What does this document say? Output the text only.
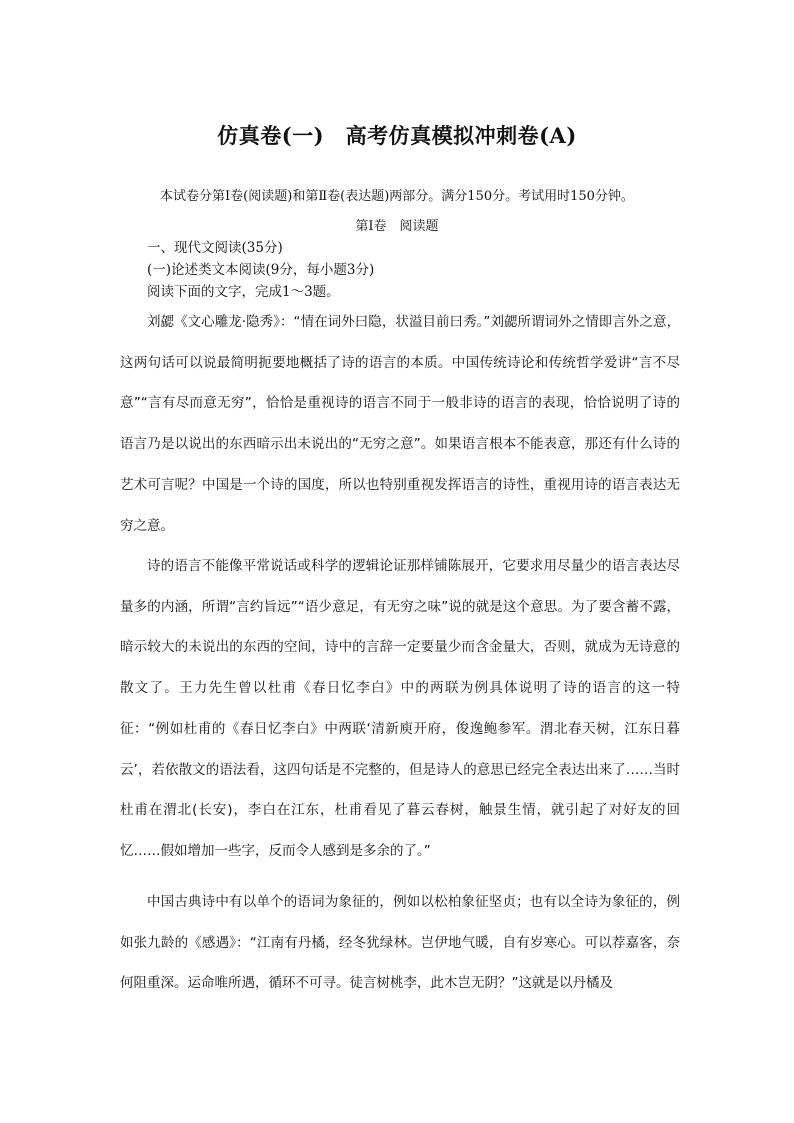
仿真卷(一)　高考仿真模拟冲刺卷(A)
本试卷分第Ⅰ卷(阅读题)和第Ⅱ卷(表达题)两部分。满分150分。考试用时150分钟。
第Ⅰ卷　阅读题
一、现代文阅读(35分)
(一)论述类文本阅读(9分，每小题3分)
阅读下面的文字，完成1～3题。

刘勰《文心雕龙·隐秀》：“情在词外曰隐，状溢目前曰秀。”刘勰所谓词外之情即言外之意，这两句话可以说最简明扼要地概括了诗的语言的本质。中国传统诗论和传统哲学爱讲“言不尽意”“言有尽而意无穷”，恰恰是重视诗的语言不同于一般非诗的语言的表现，恰恰说明了诗的语言乃是以说出的东西暗示出未说出的“无穷之意”。如果语言根本不能表意，那还有什么诗的艺术可言呢？中国是一个诗的国度，所以也特别重视发挥语言的诗性，重视用诗的语言表达无穷之意。

诗的语言不能像平常说话或科学的逻辑论证那样铺陈展开，它要求用尽量少的语言表达尽量多的内涵，所谓“言约旨远”“语少意足，有无穷之味”说的就是这个意思。为了要含蓄不露，暗示较大的未说出的东西的空间，诗中的言辞一定要量少而含金量大，否则，就成为无诗意的散文了。王力先生曾以杜甫《春日忆李白》中的两联为例具体说明了诗的语言的这一特征：“例如杜甫的《春日忆李白》中两联‘清新庾开府，俊逸鲍参军。渭北春天树，江东日暮云’，若依散文的语法看，这四句话是不完整的，但是诗人的意思已经完全表达出来了……当时杜甫在渭北(长安)，李白在江东，杜甫看见了暮云春树，触景生情，就引起了对好友的回忆……假如增加一些字，反而令人感到是多余的了。”

中国古典诗中有以单个的语词为象征的，例如以松柏象征坚贞；也有以全诗为象征的，例如张九龄的《感遇》：“江南有丹橘，经冬犹绿林。岂伊地气暖，自有岁寒心。可以荐嘉客，奈何阻重深。运命唯所遇，循环不可寻。徒言树桃李，此木岂无阴？”这就是以丹橘及
